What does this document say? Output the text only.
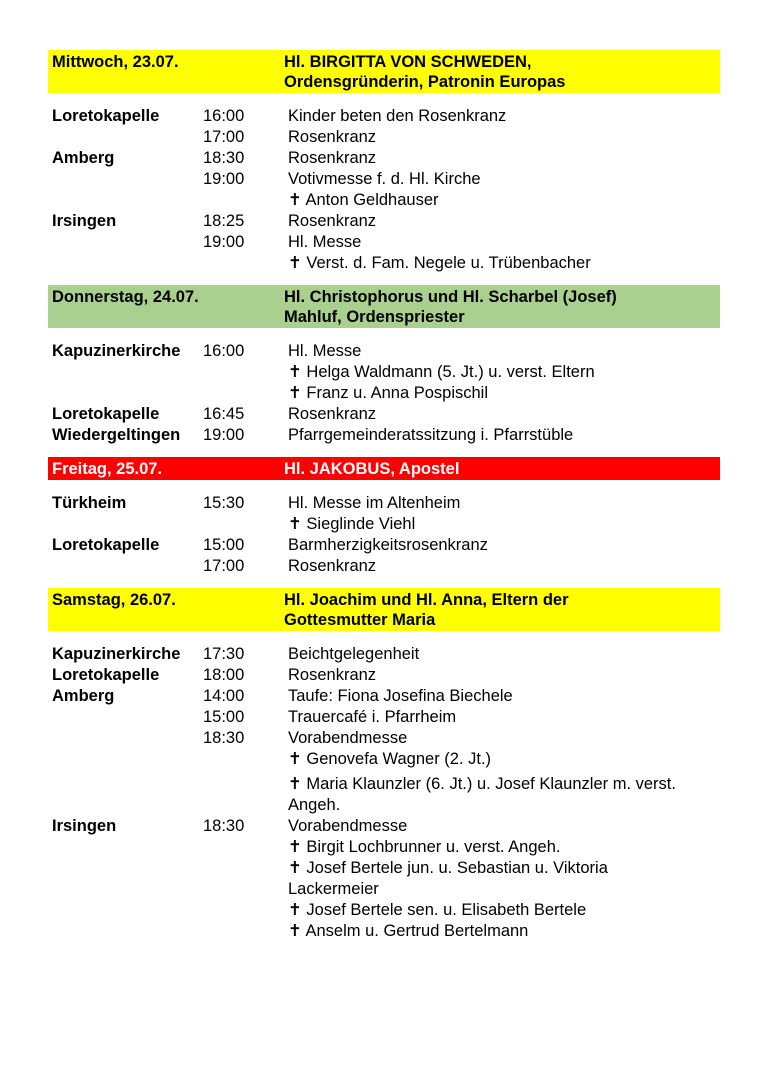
Mittwoch, 23.07.	Hl. BIRGITTA VON SCHWEDEN,
Ordensgründerin, Patronin Europas
Loretokapelle	16:00	Kinder beten den Rosenkranz
17:00	Rosenkranz
Amberg	18:30	Rosenkranz
19:00	Votivmesse f. d. Hl. Kirche
✝ Anton Geldhauser
Irsingen	18:25	Rosenkranz
19:00	Hl. Messe
✝ Verst. d. Fam. Negele u. Trübenbacher
Donnerstag, 24.07.	Hl. Christophorus und Hl. Scharbel (Josef)
Mahluf, Ordenspriester
Kapuzinerkirche	16:00	Hl. Messe
✝ Helga Waldmann (5. Jt.) u. verst. Eltern
✝ Franz u. Anna Pospischil
Loretokapelle	16:45	Rosenkranz
Wiedergeltingen	19:00	Pfarrgemeinderatssitzung i. Pfarrstüble
Freitag, 25.07.	Hl. JAKOBUS, Apostel
Türkheim	15:30	Hl. Messe im Altenheim
✝ Sieglinde Viehl
Loretokapelle	15:00	Barmherzigkeitsrosenkranz
17:00	Rosenkranz
Samstag, 26.07.	Hl. Joachim und Hl. Anna, Eltern der
Gottesmutter Maria
Kapuzinerkirche	17:30	Beichtgelegenheit
Loretokapelle	18:00	Rosenkranz
Amberg	14:00	Taufe: Fiona Josefina Biechele
15:00	Trauercafé i. Pfarrheim
18:30	Vorabendmesse
✝ Genovefa Wagner (2. Jt.)
✝ Maria Klaunzler (6. Jt.) u. Josef Klaunzler m. verst.
Angeh.
Irsingen	18:30	Vorabendmesse
✝ Birgit Lochbrunner u. verst. Angeh.
✝ Josef Bertele jun. u. Sebastian u. Viktoria
Lackermeier
✝ Josef Bertele sen. u. Elisabeth Bertele
✝ Anselm u. Gertrud Bertelmann
